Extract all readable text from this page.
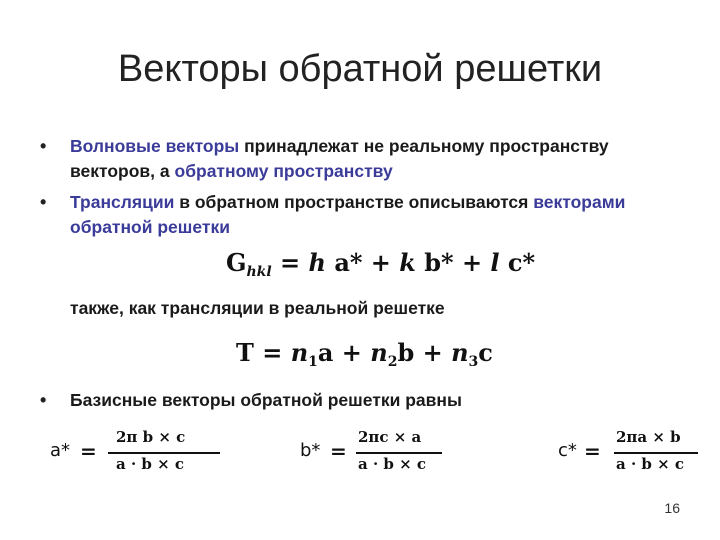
Векторы обратной решетки
• Волновые векторы принадлежат не реальному пространству векторов, а обратному пространству
• Трансляции в обратном пространстве описываются векторами обратной решетки
• Базисные векторы обратной решетки равны
$G_{hkl} = h$ a* + k b* + l c*
также, как трансляции в реальной решетке
$T = n_1a + n_2b + n_3c$
a* =
2π b × c
a · b × c
b* =
2πc × a
a · b × c
c* =
2πa × b
a · b × c
16
